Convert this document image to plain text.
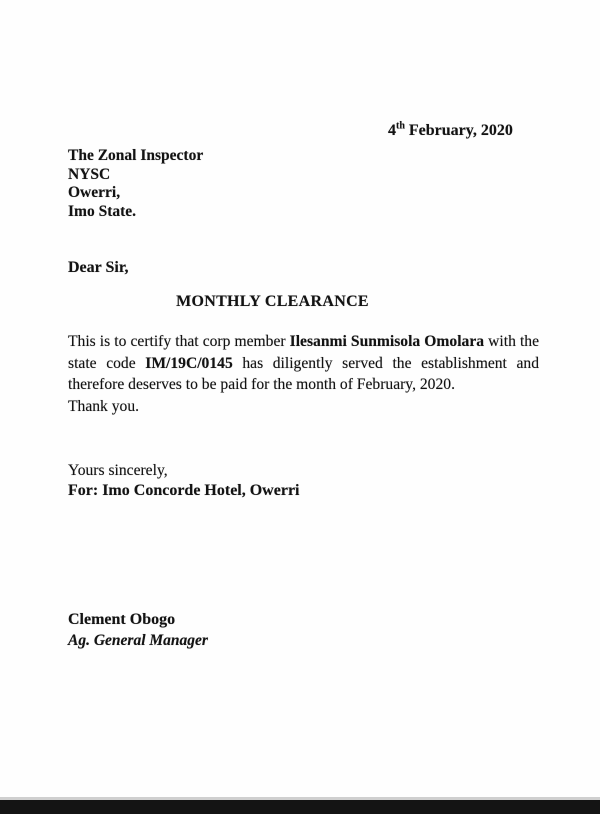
4th February, 2020
The Zonal Inspector
NYSC
Owerri,
Imo State.
Dear Sir,
MONTHLY CLEARANCE
This is to certify that corp member Ilesanmi Sunmisola Omolara with the state code IM/19C/0145 has diligently served the establishment and therefore deserves to be paid for the month of February, 2020.
Thank you.
Yours sincerely,
For: Imo Concorde Hotel, Owerri
Clement Obogo
Ag. General Manager
